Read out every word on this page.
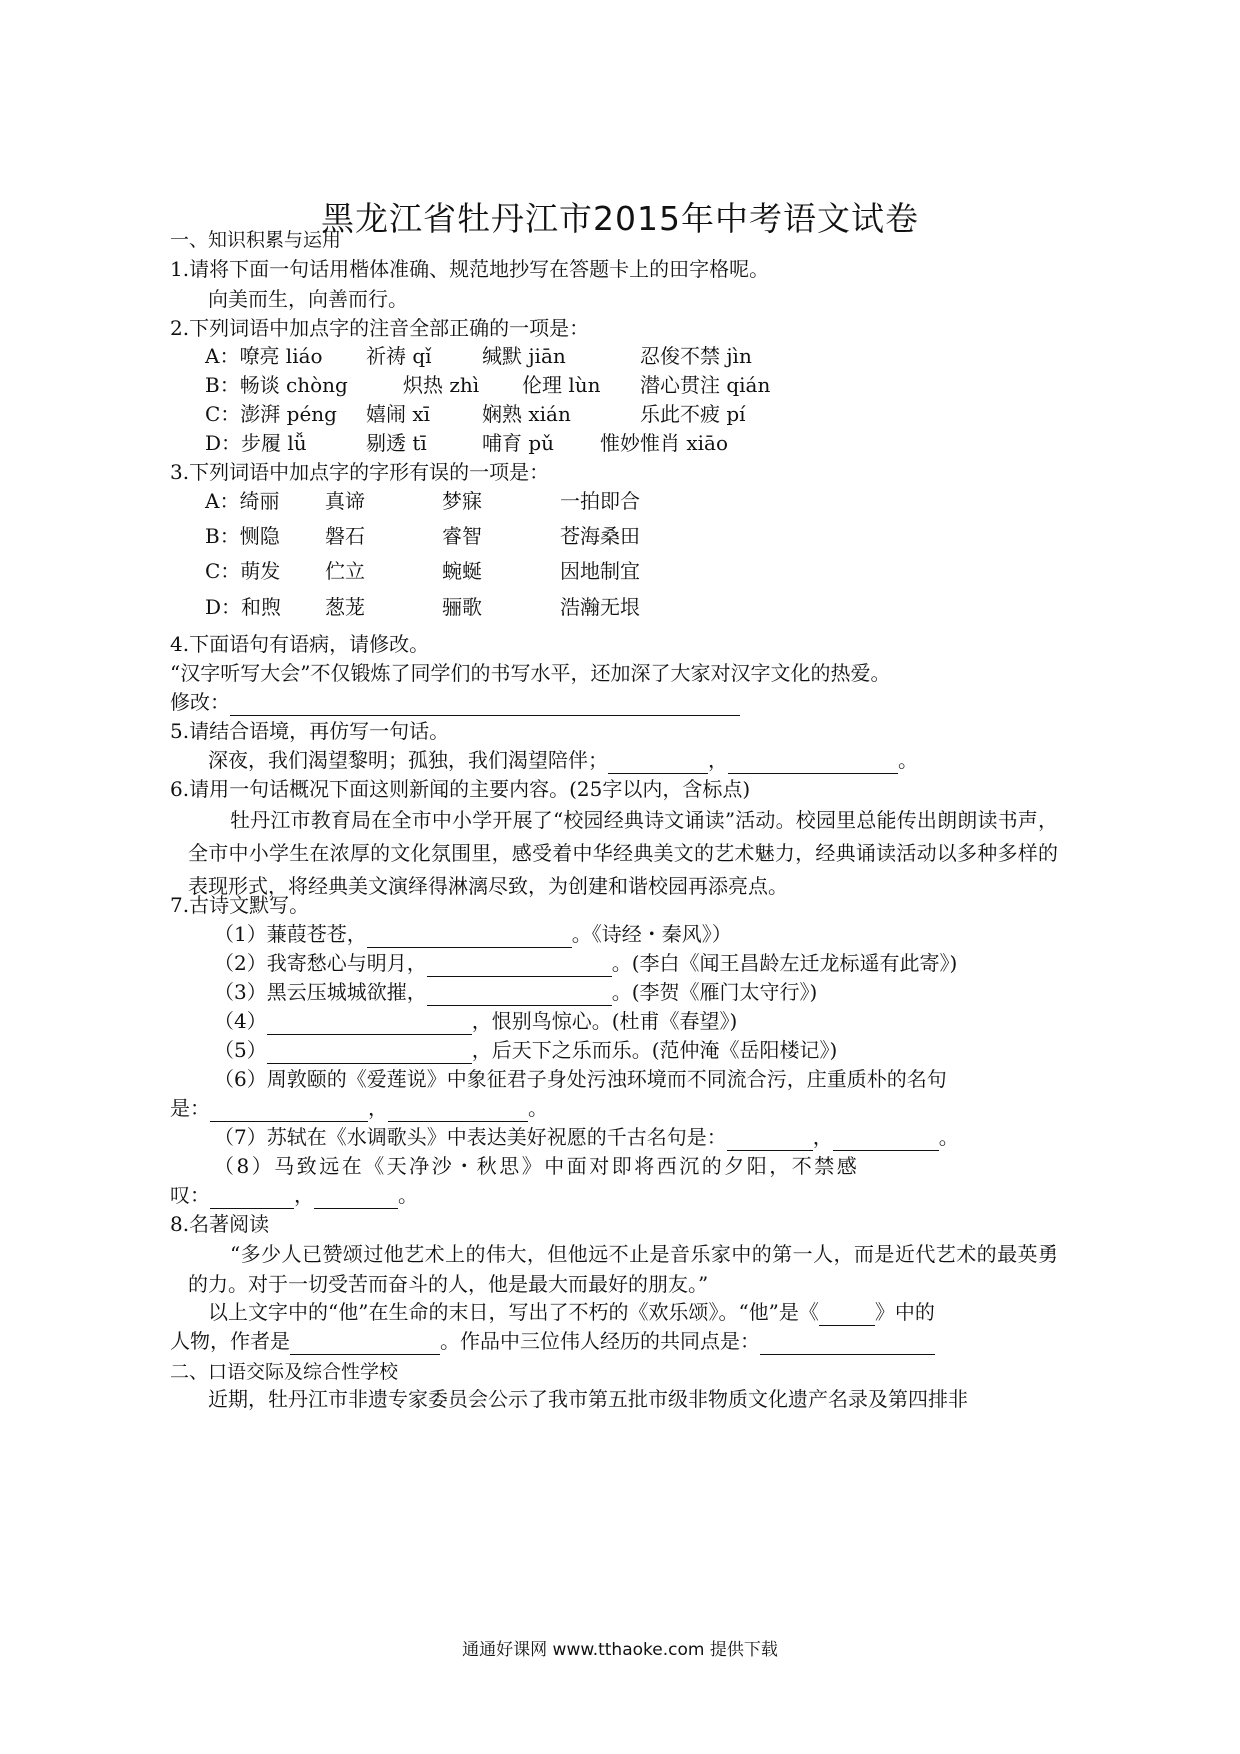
黑龙江省牡丹江市2015年中考语文试卷
一、知识积累与运用
1.请将下面一句话用楷体准确、规范地抄写在答题卡上的田字格呢。
向美而生，向善而行。
2.下列词语中加点字的注音全部正确的一项是：
A：嘹亮 liáo 祈祷 qǐ	缄默 jiān	忍俊不禁 jìn
B：畅谈 chòng	炽热 zhì 伦理 lùn 潜心贯注 qián
C：澎湃 péng 嬉闹 xī	娴熟 xián	乐此不疲 pí
D：步履 lǚ	剔透 tī	哺育 pǔ 惟妙惟肖 xiāo
3.下列词语中加点字的字形有误的一项是：
A：绮丽 真谛	梦寐	一拍即合
B：恻隐 磐石	睿智	苍海桑田
C：萌发 伫立	蜿蜒	因地制宜
D：和煦 葱茏	骊歌	浩瀚无垠
4.下面语句有语病，请修改。
“汉字听写大会”不仅锻炼了同学们的书写水平，还加深了大家对汉字文化的热爱。
修改：
5.请结合语境，再仿写一句话。
深夜，我们渴望黎明；孤独，我们渴望陪伴；	，	。
6.请用一句话概况下面这则新闻的主要内容。(25字以内，含标点)
牡丹江市教育局在全市中小学开展了“校园经典诗文诵读”活动。校园里总能传出朗朗读书声，全市中小学生在浓厚的文化氛围里，感受着中华经典美文的艺术魅力，经典诵读活动以多种多样的表现形式，将经典美文演绎得淋漓尽致，为创建和谐校园再添亮点。
7.古诗文默写。
（1）蒹葭苍苍，	。《诗经・秦风》）
（2）我寄愁心与明月，	。(李白《闻王昌龄左迁龙标遥有此寄》)
（3）黑云压城城欲摧，	。(李贺《雁门太守行》)
（4）	，恨别鸟惊心。(杜甫《春望》)
（5）	，后天下之乐而乐。(范仲淹《岳阳楼记》)
（6）周敦颐的《爱莲说》中象征君子身处污浊环境而不同流合污，庄重质朴的名句
是：	，	。
（7）苏轼在《水调歌头》中表达美好祝愿的千古名句是：	，	。
（8）马致远在《天净沙・秋思》中面对即将西沉的夕阳，不禁感
叹：	，	。
8.名著阅读
“多少人已赞颂过他艺术上的伟大，但他远不止是音乐家中的第一人，而是近代艺术的最英勇的力。对于一切受苦而奋斗的人，他是最大而最好的朋友。”
以上文字中的“他”在生命的末日，写出了不朽的《欢乐颂》。“他”是《	》中的
人物，作者是	。作品中三位伟人经历的共同点是：
二、口语交际及综合性学校
近期，牡丹江市非遗专家委员会公示了我市第五批市级非物质文化遗产名录及第四排非
通通好课网 www.tthaoke.com 提供下载
